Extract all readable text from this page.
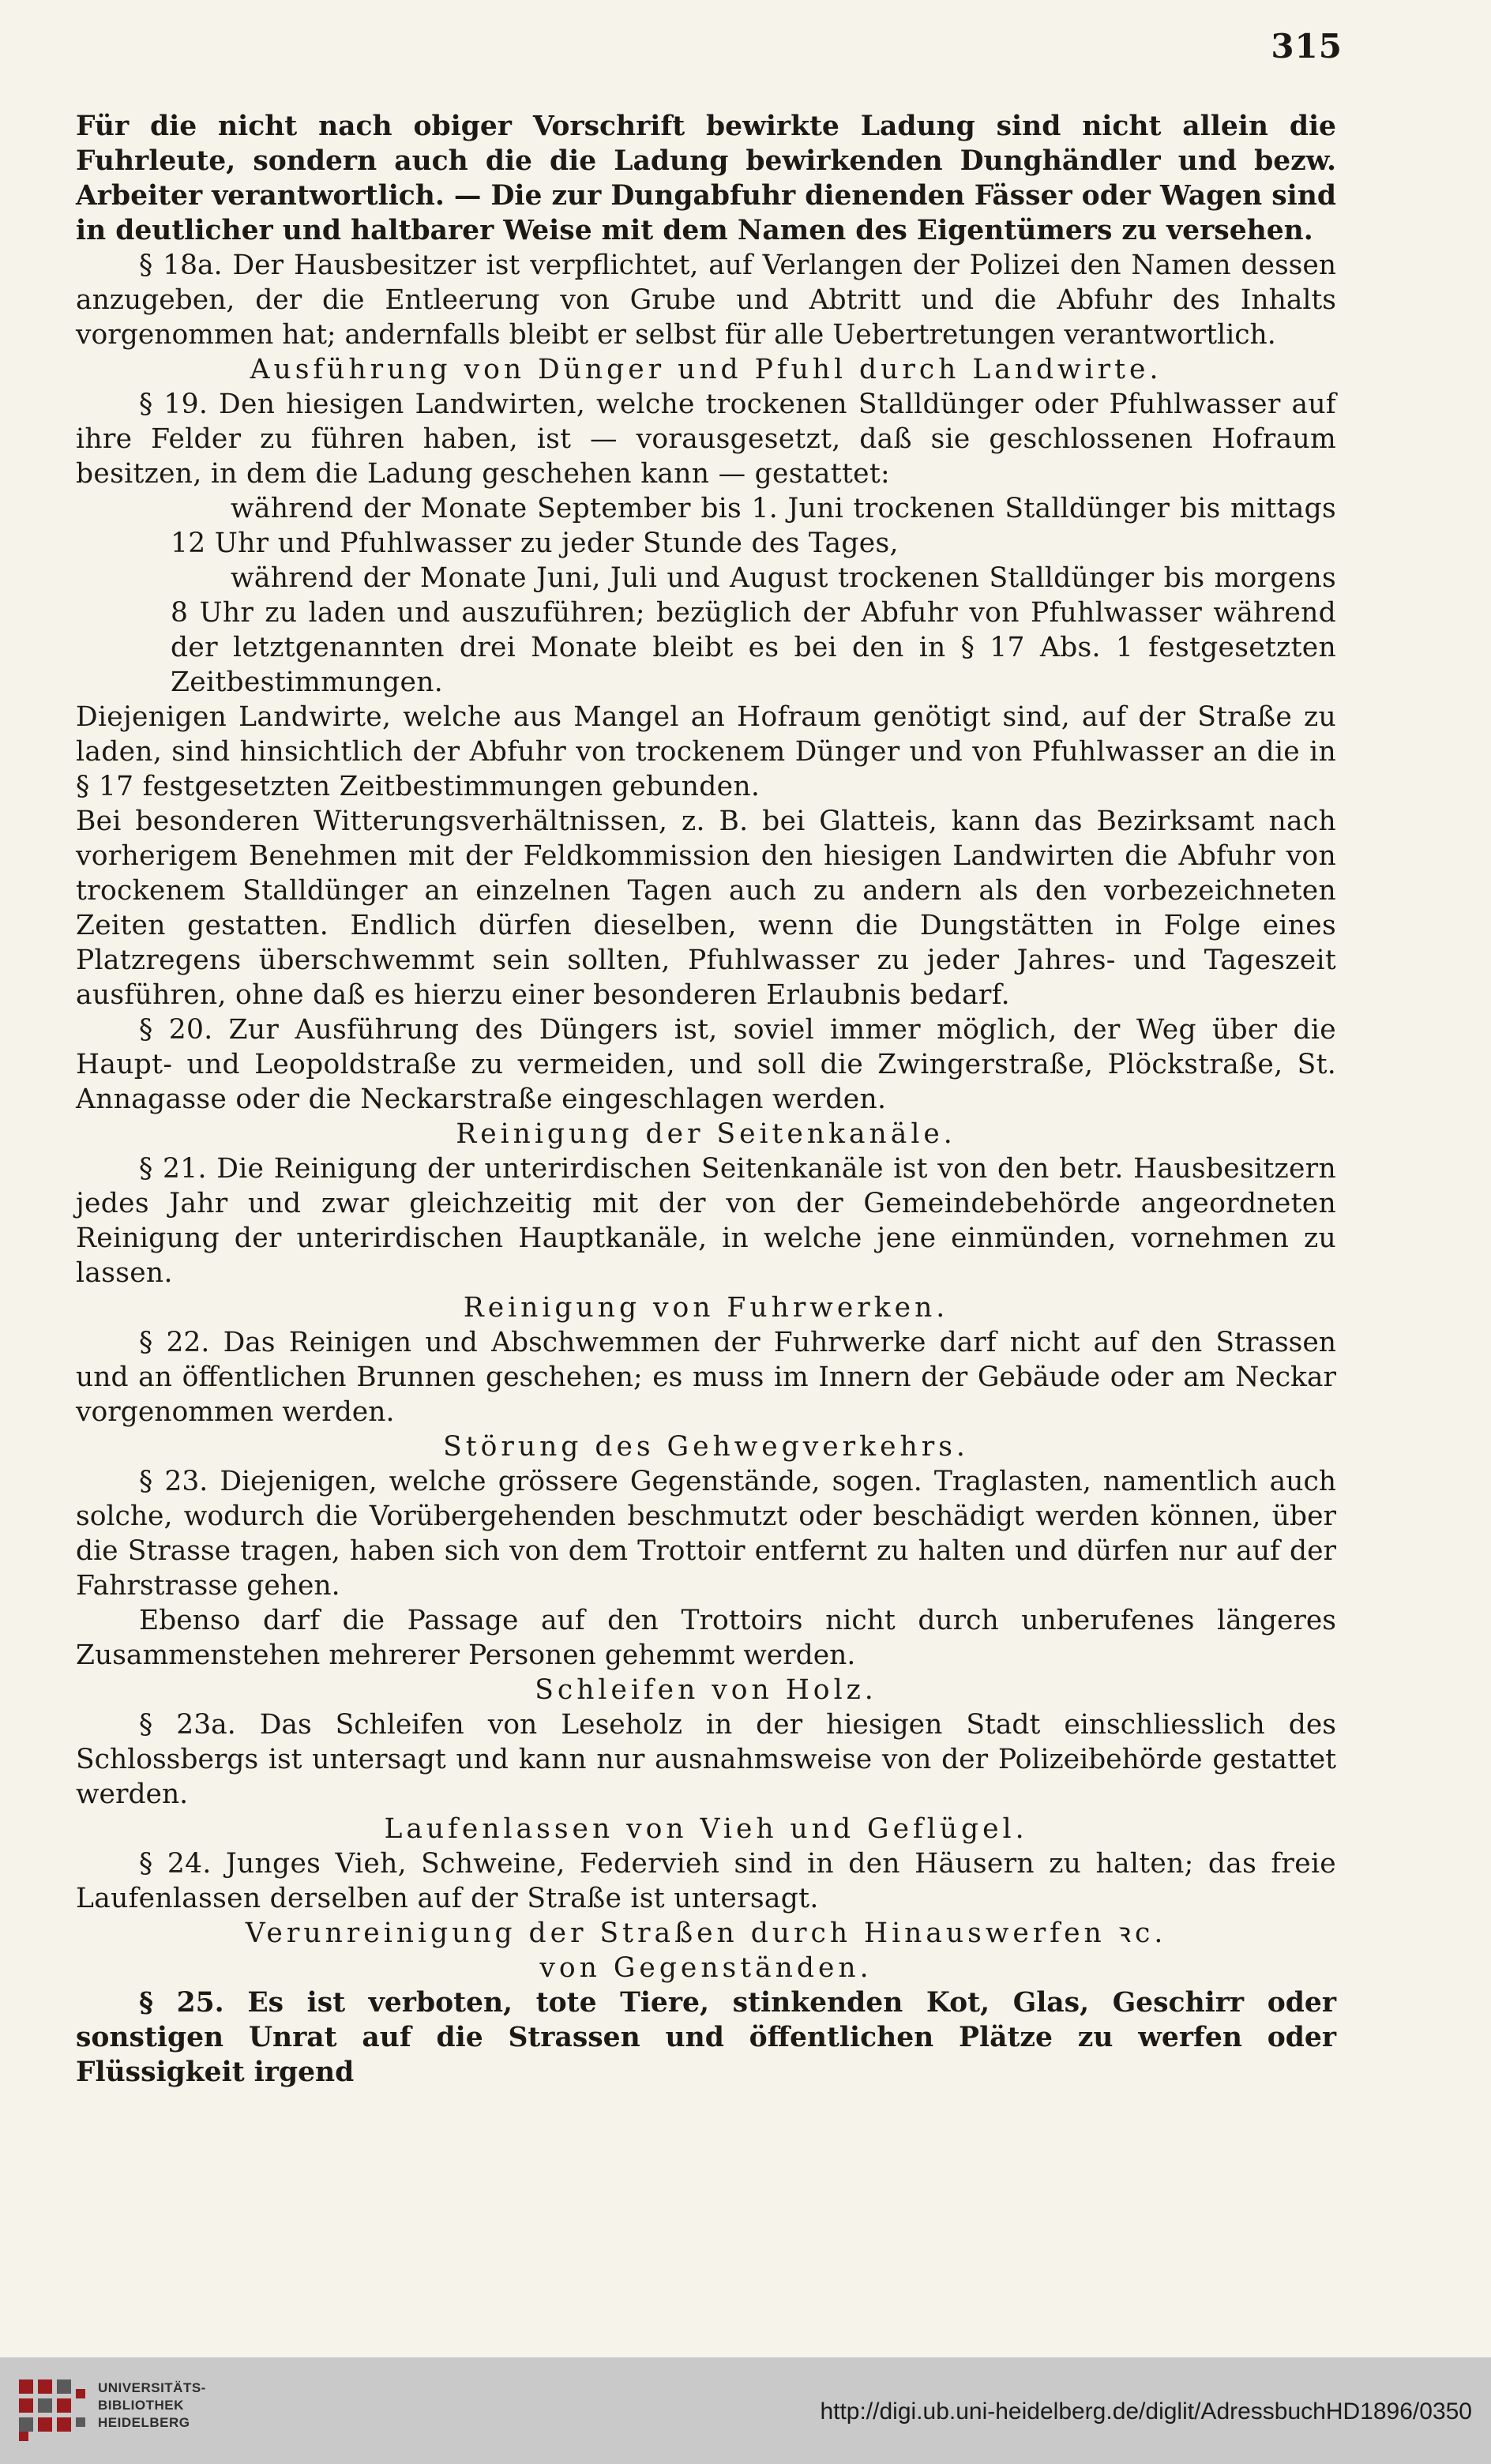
315

Für die nicht nach obiger Vorschrift bewirkte Ladung sind nicht allein die Fuhrleute, sondern auch die die Ladung bewirkenden Dunghändler und bezw. Arbeiter verantwortlich. — Die zur Dungabfuhr dienenden Fässer oder Wagen sind in deutlicher und haltbarer Weise mit dem Namen des Eigentümers zu versehen.

§ 18a. Der Hausbesitzer ist verpflichtet, auf Verlangen der Polizei den Namen dessen anzugeben, der die Entleerung von Grube und Abtritt und die Abfuhr des Inhalts vorgenommen hat; andernfalls bleibt er selbst für alle Uebertretungen verantwortlich.

Ausführung von Dünger und Pfuhl durch Landwirte.

§ 19. Den hiesigen Landwirten, welche trockenen Stalldünger oder Pfuhlwasser auf ihre Felder zu führen haben, ist — vorausgesetzt, daß sie geschlossenen Hofraum besitzen, in dem die Ladung geschehen kann — gestattet:

während der Monate September bis 1. Juni trockenen Stalldünger bis mittags 12 Uhr und Pfuhlwasser zu jeder Stunde des Tages,

während der Monate Juni, Juli und August trockenen Stalldünger bis morgens 8 Uhr zu laden und auszuführen; bezüglich der Abfuhr von Pfuhlwasser während der letztgenannten drei Monate bleibt es bei den in § 17 Abs. 1 festgesetzten Zeitbestimmungen.

Diejenigen Landwirte, welche aus Mangel an Hofraum genötigt sind, auf der Straße zu laden, sind hinsichtlich der Abfuhr von trockenem Dünger und von Pfuhlwasser an die in § 17 festgesetzten Zeitbestimmungen gebunden.

Bei besonderen Witterungsverhältnissen, z. B. bei Glatteis, kann das Bezirksamt nach vorherigem Benehmen mit der Feldkommission den hiesigen Landwirten die Abfuhr von trockenem Stalldünger an einzelnen Tagen auch zu andern als den vorbezeichneten Zeiten gestatten. Endlich dürfen dieselben, wenn die Dungstätten in Folge eines Platzregens überschwemmt sein sollten, Pfuhlwasser zu jeder Jahres- und Tageszeit ausführen, ohne daß es hierzu einer besonderen Erlaubnis bedarf.

§ 20. Zur Ausführung des Düngers ist, soviel immer möglich, der Weg über die Haupt- und Leopoldstraße zu vermeiden, und soll die Zwingerstraße, Plöckstraße, St. Annagasse oder die Neckarstraße eingeschlagen werden.

Reinigung der Seitenkanäle.

§ 21. Die Reinigung der unterirdischen Seitenkanäle ist von den betr. Hausbesitzern jedes Jahr und zwar gleichzeitig mit der von der Gemeindebehörde angeordneten Reinigung der unterirdischen Hauptkanäle, in welche jene einmünden, vornehmen zu lassen.

Reinigung von Fuhrwerken.

§ 22. Das Reinigen und Abschwemmen der Fuhrwerke darf nicht auf den Strassen und an öffentlichen Brunnen geschehen; es muss im Innern der Gebäude oder am Neckar vorgenommen werden.

Störung des Gehwegverkehrs.

§ 23. Diejenigen, welche grössere Gegenstände, sogen. Traglasten, namentlich auch solche, wodurch die Vorübergehenden beschmutzt oder beschädigt werden können, über die Strasse tragen, haben sich von dem Trottoir entfernt zu halten und dürfen nur auf der Fahrstrasse gehen.

Ebenso darf die Passage auf den Trottoirs nicht durch unberufenes längeres Zusammenstehen mehrerer Personen gehemmt werden.

Schleifen von Holz.

§ 23a. Das Schleifen von Leseholz in der hiesigen Stadt einschliesslich des Schlossbergs ist untersagt und kann nur ausnahmsweise von der Polizeibehörde gestattet werden.

Laufenlassen von Vieh und Geflügel.

§ 24. Junges Vieh, Schweine, Federvieh sind in den Häusern zu halten; das freie Laufenlassen derselben auf der Straße ist untersagt.

Verunreinigung der Straßen durch Hinauswerfen ꝛc.

von Gegenständen.

§ 25. Es ist verboten, tote Tiere, stinkenden Kot, Glas, Geschirr oder sonstigen Unrat auf die Strassen und öffentlichen Plätze zu werfen oder Flüssigkeit irgend

UNIVERSITÄTS-
BIBLIOTHEK
HEIDELBERG	http://digi.ub.uni-heidelberg.de/diglit/AdressbuchHD1896/0350
